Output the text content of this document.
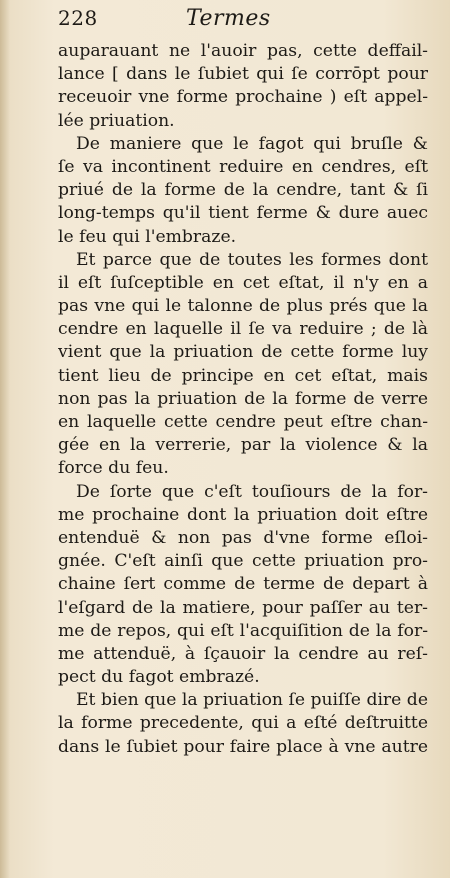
228	Termes
auparauant ne l'auoir pas, cette deffail-
lance [ dans le ſubiet qui ſe corrōpt pour
receuoir vne forme prochaine ) eſt appel-
lée priuation.
De maniere que le fagot qui bruſle &
ſe va incontinent reduire en cendres, eſt
priué de la forme de la cendre, tant & ſi
long-temps qu'il tient ferme & dure auec
le feu qui l'embraze.
Et parce que de toutes les formes dont
il eſt ſuſceptible en cet eſtat, il n'y en a
pas vne qui le talonne de plus prés que la
cendre en laquelle il ſe va reduire ; de là
vient que la priuation de cette forme luy
tient lieu de principe en cet eſtat, mais
non pas la priuation de la forme de verre
en laquelle cette cendre peut eſtre chan-
gée en la verrerie, par la violence & la
force du feu.
De ſorte que c'eſt touſiours de la for-
me prochaine dont la priuation doit eſtre
entenduë & non pas d'vne forme eſloi-
gnée. C'eſt ainſi que cette priuation pro-
chaine ſert comme de terme de depart à
l'eſgard de la matiere, pour paſſer au ter-
me de repos, qui eſt l'acquiſition de la for-
me attenduë, à ſçauoir la cendre au reſ-
pect du fagot embrazé.
Et bien que la priuation ſe puiſſe dire de
la forme precedente, qui a eſté deſtruitte
dans le ſubiet pour faire place à vne autre
